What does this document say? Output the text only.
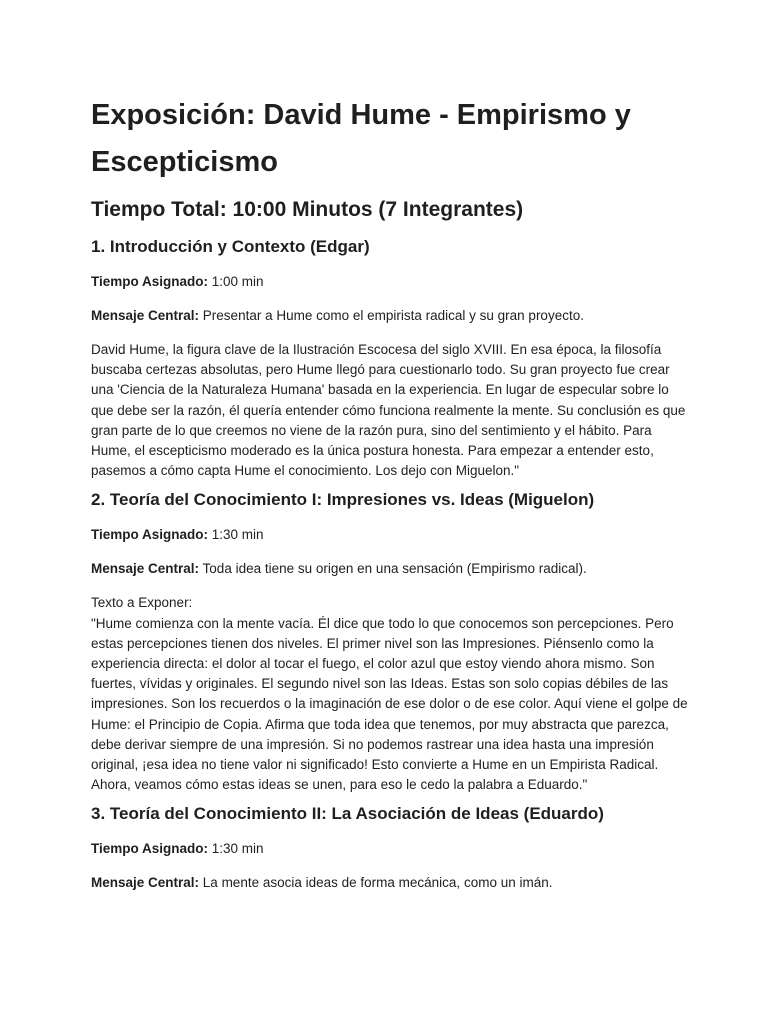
Exposición: David Hume - Empirismo y Escepticismo
Tiempo Total: 10:00 Minutos (7 Integrantes)
1. Introducción y Contexto (Edgar)

Tiempo Asignado: 1:00 min

Mensaje Central: Presentar a Hume como el empirista radical y su gran proyecto.

David Hume, la figura clave de la Ilustración Escocesa del siglo XVIII. En esa época, la filosofía buscaba certezas absolutas, pero Hume llegó para cuestionarlo todo. Su gran proyecto fue crear una 'Ciencia de la Naturaleza Humana' basada en la experiencia. En lugar de especular sobre lo que debe ser la razón, él quería entender cómo funciona realmente la mente. Su conclusión es que gran parte de lo que creemos no viene de la razón pura, sino del sentimiento y el hábito. Para Hume, el escepticismo moderado es la única postura honesta. Para empezar a entender esto, pasemos a cómo capta Hume el conocimiento. Los dejo con Miguelon."

2. Teoría del Conocimiento I: Impresiones vs. Ideas (Miguelon)

Tiempo Asignado: 1:30 min

Mensaje Central: Toda idea tiene su origen en una sensación (Empirismo radical).

Texto a Exponer:

"Hume comienza con la mente vacía. Él dice que todo lo que conocemos son percepciones. Pero estas percepciones tienen dos niveles. El primer nivel son las Impresiones. Piénsenlo como la experiencia directa: el dolor al tocar el fuego, el color azul que estoy viendo ahora mismo. Son fuertes, vívidas y originales. El segundo nivel son las Ideas. Estas son solo copias débiles de las impresiones. Son los recuerdos o la imaginación de ese dolor o de ese color. Aquí viene el golpe de Hume: el Principio de Copia. Afirma que toda idea que tenemos, por muy abstracta que parezca, debe derivar siempre de una impresión. Si no podemos rastrear una idea hasta una impresión original, ¡esa idea no tiene valor ni significado! Esto convierte a Hume en un Empirista Radical. Ahora, veamos cómo estas ideas se unen, para eso le cedo la palabra a Eduardo."

3. Teoría del Conocimiento II: La Asociación de Ideas (Eduardo)

Tiempo Asignado: 1:30 min

Mensaje Central: La mente asocia ideas de forma mecánica, como un imán.
